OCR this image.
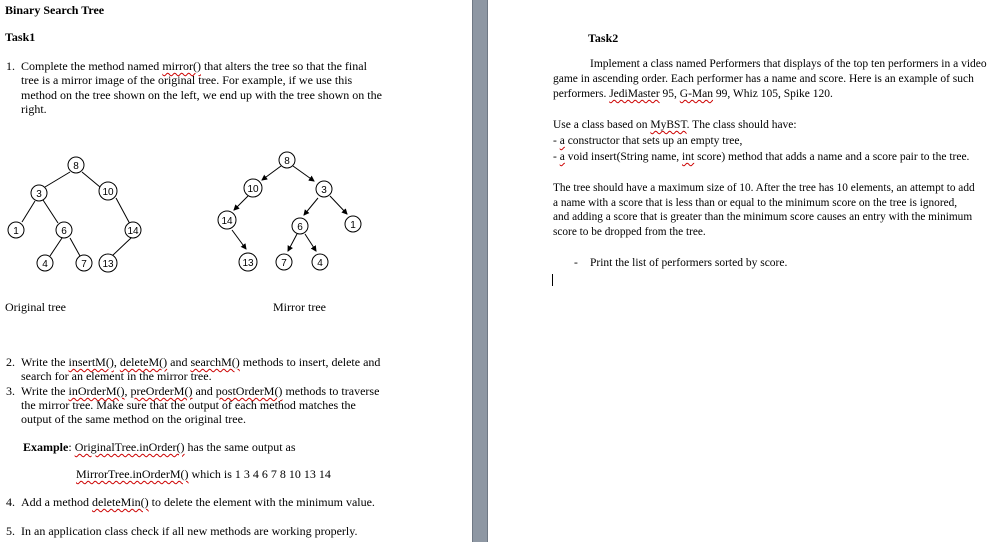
Binary Search Tree
Task1
1. Complete the method named mirror() that alters the tree so that the final
tree is a mirror image of the original tree. For example, if we use this
method on the tree shown on the left, we end up with the tree shown on the
right.
8
3	10
1	6	14
4	7 13
8
10	3
14
6	1
13	7	4
Original tree	Mirror tree
2. Write the insertM(), deleteM() and searchM() methods to insert, delete and
search for an element in the mirror tree.
3. Write the inOrderM(), preOrderM() and postOrderM() methods to traverse
the mirror tree. Make sure that the output of each method matches the
output of the same method on the original tree.
Example: OriginalTree.inOrder() has the same output as
MirrorTree.inOrderM() which is 1 3 4 6 7 8 10 13 14
4. Add a method deleteMin() to delete the element with the minimum value.
5. In an application class check if all new methods are working properly.
Task2
Implement a class named Performers that displays of the top ten performers in a video
game in ascending order. Each performer has a name and score. Here is an example of such
performers. JediMaster 95, G-Man 99, Whiz 105, Spike 120.
Use a class based on MyBST. The class should have:
- a constructor that sets up an empty tree,
- a void insert(String name, int score) method that adds a name and a score pair to the tree.
The tree should have a maximum size of 10. After the tree has 10 elements, an attempt to add
a name with a score that is less than or equal to the minimum score on the tree is ignored,
and adding a score that is greater than the minimum score causes an entry with the minimum
score to be dropped from the tree.
- Print the list of performers sorted by score.
